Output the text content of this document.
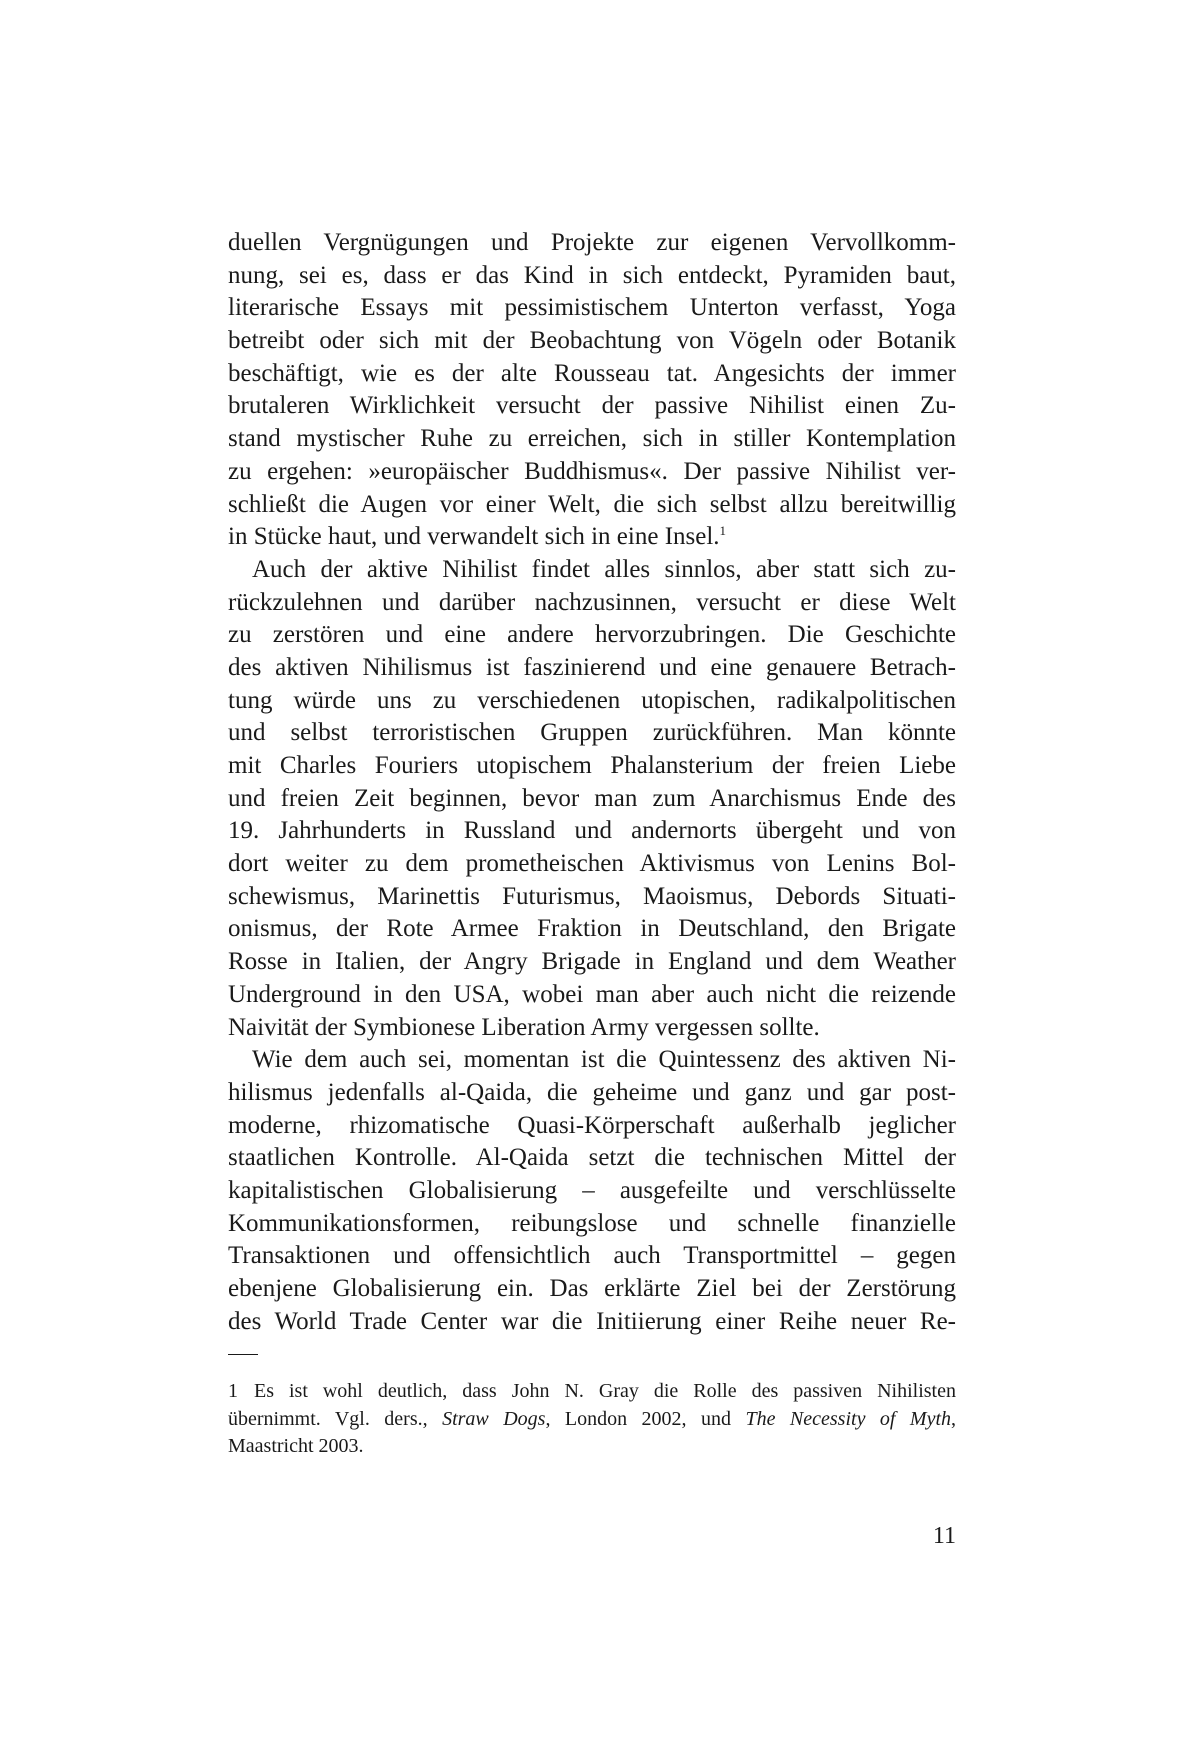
duellen Vergnügungen und Projekte zur eigenen Vervollkomm-
nung, sei es, dass er das Kind in sich entdeckt, Pyramiden baut,
literarische Essays mit pessimistischem Unterton verfasst, Yoga
betreibt oder sich mit der Beobachtung von Vögeln oder Botanik
beschäftigt, wie es der alte Rousseau tat. Angesichts der immer
brutaleren Wirklichkeit versucht der passive Nihilist einen Zu-
stand mystischer Ruhe zu erreichen, sich in stiller Kontemplation
zu ergehen: »europäischer Buddhismus«. Der passive Nihilist ver-
schließt die Augen vor einer Welt, die sich selbst allzu bereitwillig
in Stücke haut, und verwandelt sich in eine Insel.$^1$
Auch der aktive Nihilist findet alles sinnlos, aber statt sich zu-
rückzulehnen und darüber nachzusinnen, versucht er diese Welt
zu zerstören und eine andere hervorzubringen. Die Geschichte
des aktiven Nihilismus ist faszinierend und eine genauere Betrach-
tung würde uns zu verschiedenen utopischen, radikalpolitischen
und selbst terroristischen Gruppen zurückführen. Man könnte
mit Charles Fouriers utopischem Phalansterium der freien Liebe
und freien Zeit beginnen, bevor man zum Anarchismus Ende des
19. Jahrhunderts in Russland und andernorts übergeht und von
dort weiter zu dem prometheischen Aktivismus von Lenins Bol-
schewismus, Marinettis Futurismus, Maoismus, Debords Situati-
onismus, der Rote Armee Fraktion in Deutschland, den Brigate
Rosse in Italien, der Angry Brigade in England und dem Weather
Underground in den USA, wobei man aber auch nicht die reizende
Naivität der Symbionese Liberation Army vergessen sollte.
Wie dem auch sei, momentan ist die Quintessenz des aktiven Ni-
hilismus jedenfalls al-Qaida, die geheime und ganz und gar post-
moderne, rhizomatische Quasi-Körperschaft außerhalb jeglicher
staatlichen Kontrolle. Al-Qaida setzt die technischen Mittel der
kapitalistischen Globalisierung – ausgefeilte und verschlüsselte
Kommunikationsformen, reibungslose und schnelle finanzielle
Transaktionen und offensichtlich auch Transportmittel – gegen
ebenjene Globalisierung ein. Das erklärte Ziel bei der Zerstörung
des World Trade Center war die Initiierung einer Reihe neuer Re-
1 Es ist wohl deutlich, dass John N. Gray die Rolle des passiven Nihilisten
übernimmt. Vgl. ders., Straw Dogs, London 2002, und The Necessity of Myth,
Maastricht 2003.
11
